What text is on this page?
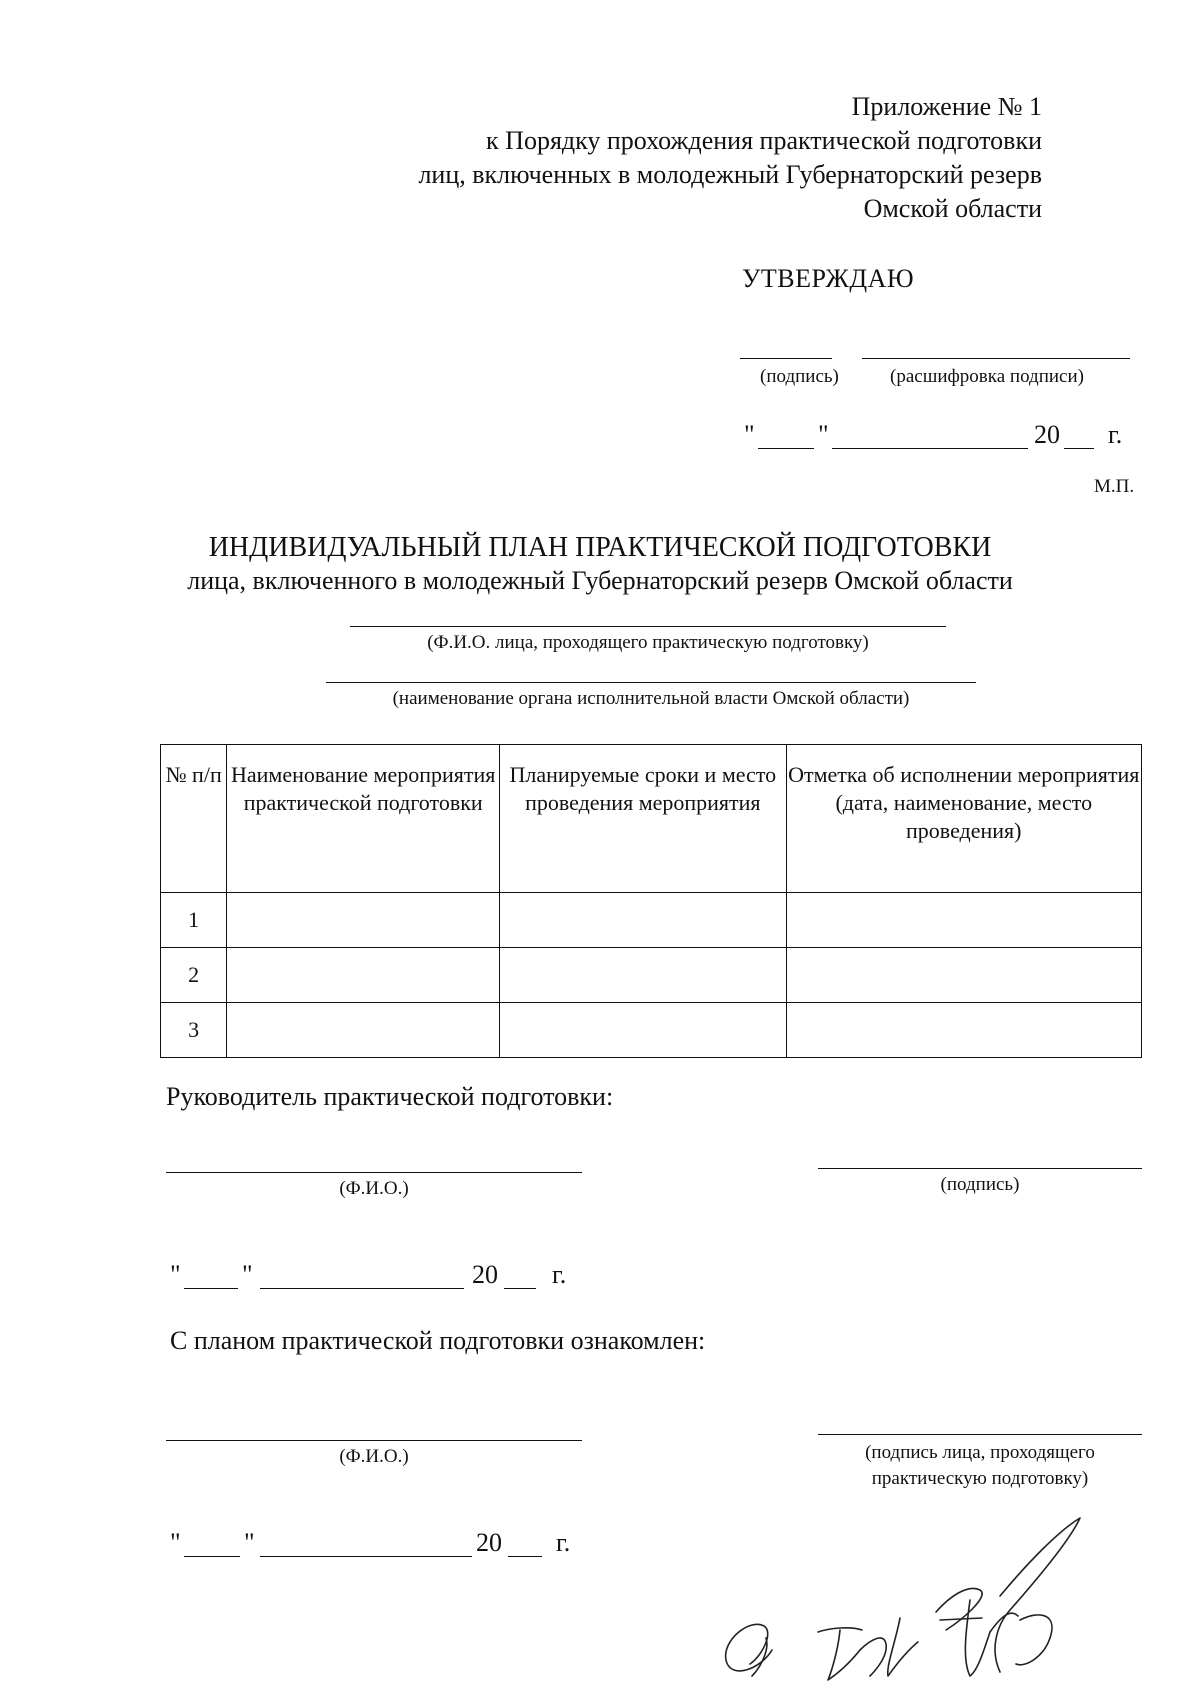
Приложение № 1
к Порядку прохождения практической подготовки
лиц, включенных в молодежный Губернаторский резерв
Омской области
УТВЕРЖДАЮ
(подпись)	(расшифровка подписи)
" "	20 г.
М.П.
ИНДИВИДУАЛЬНЫЙ ПЛАН ПРАКТИЧЕСКОЙ ПОДГОТОВКИ
лица, включенного в молодежный Губернаторский резерв Омской области
(Ф.И.О. лица, проходящего практическую подготовку)
(наименование органа исполнительной власти Омской области)
№ п/п	Наименование мероприятия практической подготовки	Планируемые сроки и место проведения мероприятия	Отметка об исполнении мероприятия (дата, наименование, место проведения)
1			
2			
3			
Руководитель практической подготовки:
(Ф.И.О.)	(подпись)
" "	20 г.
С планом практической подготовки ознакомлен:
(Ф.И.О.)	(подпись лица, проходящего
практическую подготовку)
" "	20 г.
